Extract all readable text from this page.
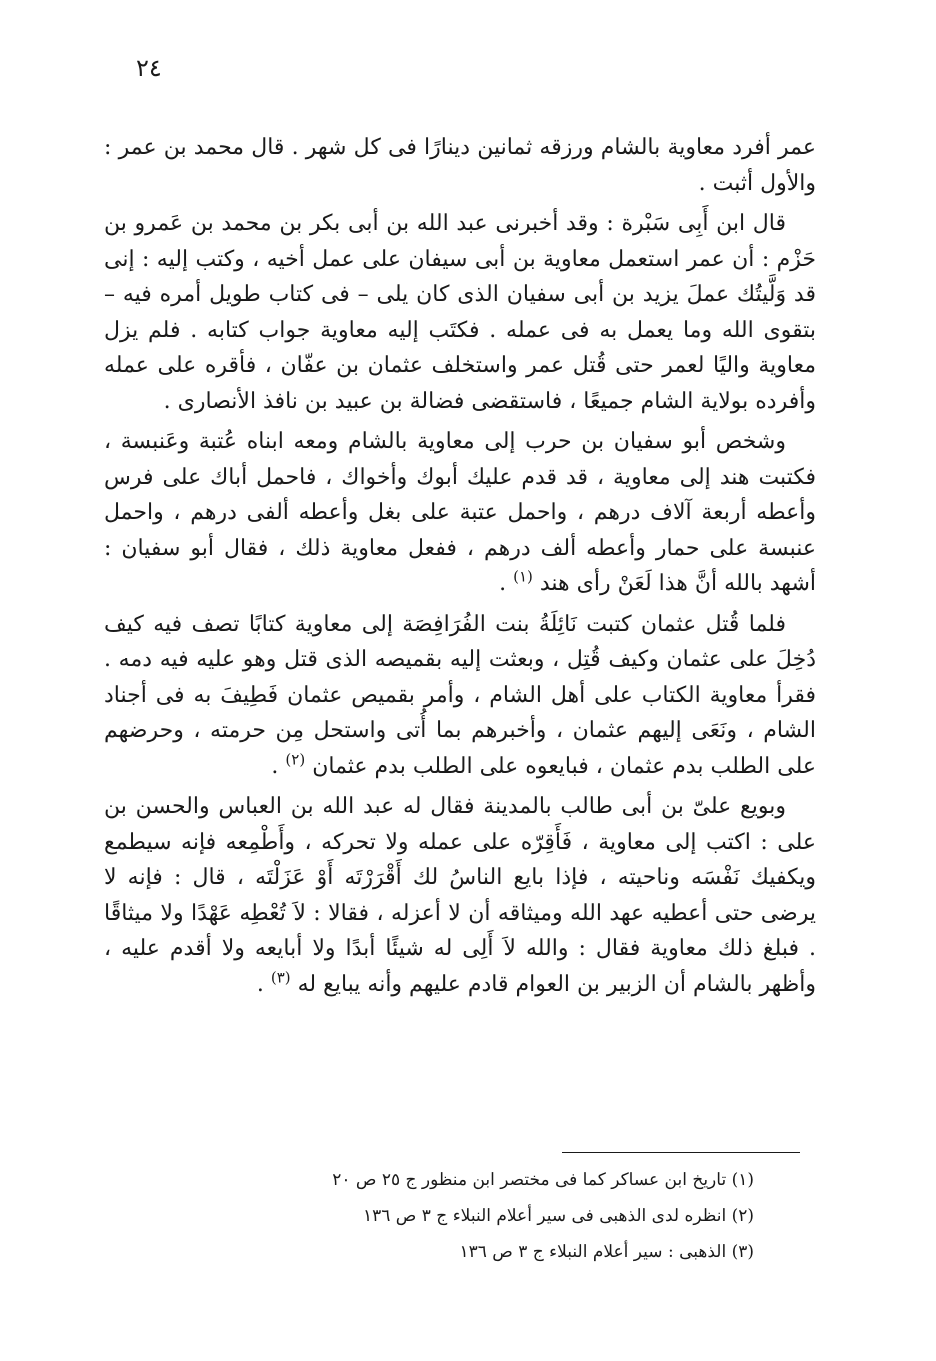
٢٤

عمر أفرد معاوية بالشام ورزقه ثمانين دينارًا فى كل شهر . قال محمد بن عمر : والأول أثبت .

قال ابن أَبِى سَبْرة : وقد أخبرنى عبد الله بن أبى بكر بن محمد بن عَمرو بن حَزْم : أن عمر استعمل معاوية بن أبى سيفان على عمل أخيه ، وكتب إليه : إنى قد وَلَّيتُك عملَ يزيد بن أبى سفيان الذى كان يلى – فى كتاب طويل أمره فيه – بتقوى الله وما يعمل به فى عمله . فكتَب إليه معاوية جواب كتابه . فلم يزل معاوية واليًا لعمر حتى قُتل عمر واستخلف عثمان بن عفّان ، فأقره على عمله وأفرده بولاية الشام جميعًا ، فاستقضى فضالة بن عبيد بن نافذ الأنصارى .

وشخص أبو سفيان بن حرب إلى معاوية بالشام ومعه ابناه عُتبة وعَنبسة ، فكتبت هند إلى معاوية ، قد قدم عليك أبوك وأخواك ، فاحمل أباك على فرس وأعطه أربعة آلاف درهم ، واحمل عتبة على بغل وأعطه ألفى درهم ، واحمل عنبسة على حمار وأعطه ألف درهم ، ففعل معاوية ذلك ، فقال أبو سفيان : أشهد بالله أنَّ هذا لَعَنْ رأى هند $^{(١)}$ .

فلما قُتل عثمان كتبت نَائِلَةُ بنت الفُرَافِصَة إلى معاوية كتابًا تصف فيه كيف دُخِلَ على عثمان وكيف قُتِل ، وبعثت إليه بقميصه الذى قتل وهو عليه فيه دمه . فقرأ معاوية الكتاب على أهل الشام ، وأمر بقميص عثمان فَطِيفَ به فى أجناد الشام ، ونَعَى إليهم عثمان ، وأخبرهم بما أُتى واستحل مِن حرمته ، وحرضهم على الطلب بدم عثمان ، فبايعوه على الطلب بدم عثمان $^{(٢)}$ .

وبويع علىّ بن أبى طالب بالمدينة فقال له عبد الله بن العباس والحسن بن على : اكتب إلى معاوية ، فَأَقِرّه على عمله ولا تحركه ، وأَطْمِعه فإنه سيطمع ويكفيك نَفْسَه وناحيته ، فإذا بايع الناسُ لك أَقْرَرْتَه أَوْ عَزَلْتَه ، قال : فإنه لا يرضى حتى أعطيه عهد الله وميثاقه أن لا أعزله ، فقالا : لاَ تُعْطِه عَهْدًا ولا ميثاقًا . فبلغ ذلك معاوية فقال : والله لاَ أَلِى له شيئًا أبدًا ولا أبايعه ولا أقدم عليه ، وأظهر بالشام أن الزبير بن العوام قادم عليهم وأنه يبايع له $^{(٣)}$ .

(١) تاريخ ابن عساكر كما فى مختصر ابن منظور ج ٢٥ ص ٢٠

(٢) انظره لدى الذهبى فى سير أعلام النبلاء ج ٣ ص ١٣٦

(٣) الذهبى : سير أعلام النبلاء ج ٣ ص ١٣٦
